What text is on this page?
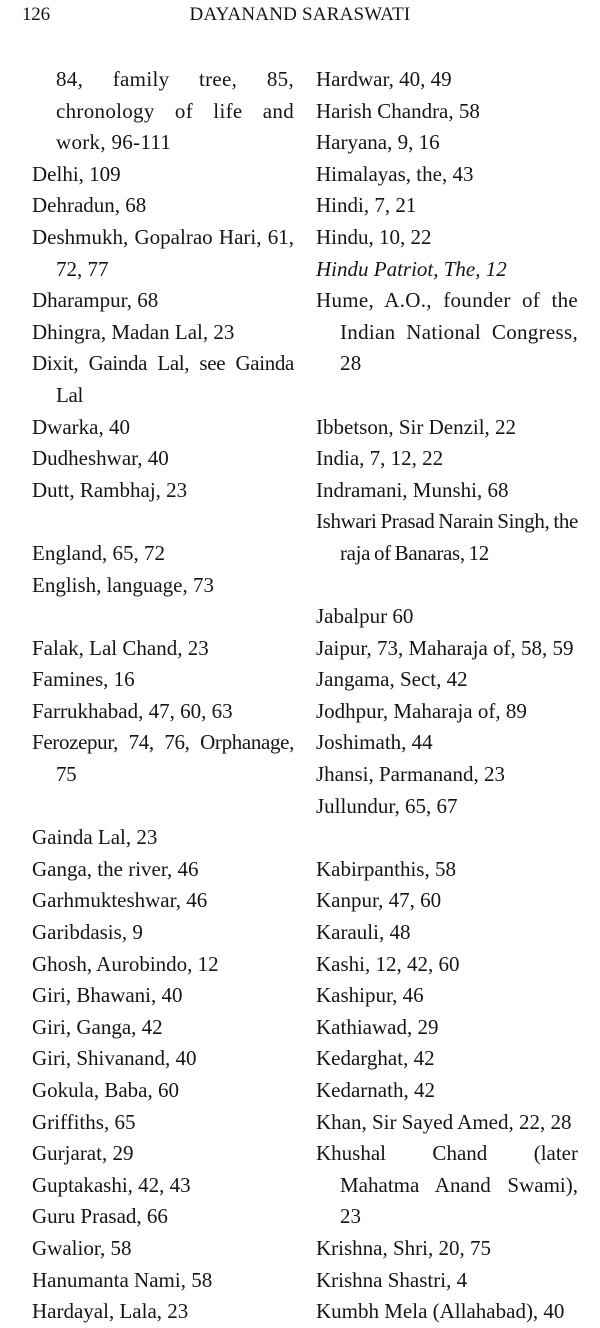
126	DAYANAND SARASWATI
84, family tree, 85, chronology of life and work, 96-111
Delhi, 109
Dehradun, 68
Deshmukh, Gopalrao Hari, 61, 72, 77
Dharampur, 68
Dhingra, Madan Lal, 23
Dixit, Gainda Lal, see Gainda Lal
Dwarka, 40
Dudheshwar, 40
Dutt, Rambhaj, 23
England, 65, 72
English, language, 73
Falak, Lal Chand, 23
Famines, 16
Farrukhabad, 47, 60, 63
Ferozepur, 74, 76, Orphanage, 75
Gainda Lal, 23
Ganga, the river, 46
Garhmukteshwar, 46
Garibdasis, 9
Ghosh, Aurobindo, 12
Giri, Bhawani, 40
Giri, Ganga, 42
Giri, Shivanand, 40
Gokula, Baba, 60
Griffiths, 65
Gurjarat, 29
Guptakashi, 42, 43
Guru Prasad, 66
Gwalior, 58
Hanumanta Nami, 58
Hardayal, Lala, 23
Hardwar, 40, 49
Harish Chandra, 58
Haryana, 9, 16
Himalayas, the, 43
Hindi, 7, 21
Hindu, 10, 22
Hindu Patriot, The, 12
Hume, A.O., founder of the Indian National Congress, 28
Ibbetson, Sir Denzil, 22
India, 7, 12, 22
Indramani, Munshi, 68
Ishwari Prasad Narain Singh, the raja of Banaras, 12
Jabalpur 60
Jaipur, 73, Maharaja of, 58, 59
Jangama, Sect, 42
Jodhpur, Maharaja of, 89
Joshimath, 44
Jhansi, Parmanand, 23
Jullundur, 65, 67
Kabirpanthis, 58
Kanpur, 47, 60
Karauli, 48
Kashi, 12, 42, 60
Kashipur, 46
Kathiawad, 29
Kedarghat, 42
Kedarnath, 42
Khan, Sir Sayed Amed, 22, 28
Khushal Chand (later Mahatma Anand Swami), 23
Krishna, Shri, 20, 75
Krishna Shastri, 4
Kumbh Mela (Allahabad), 40
